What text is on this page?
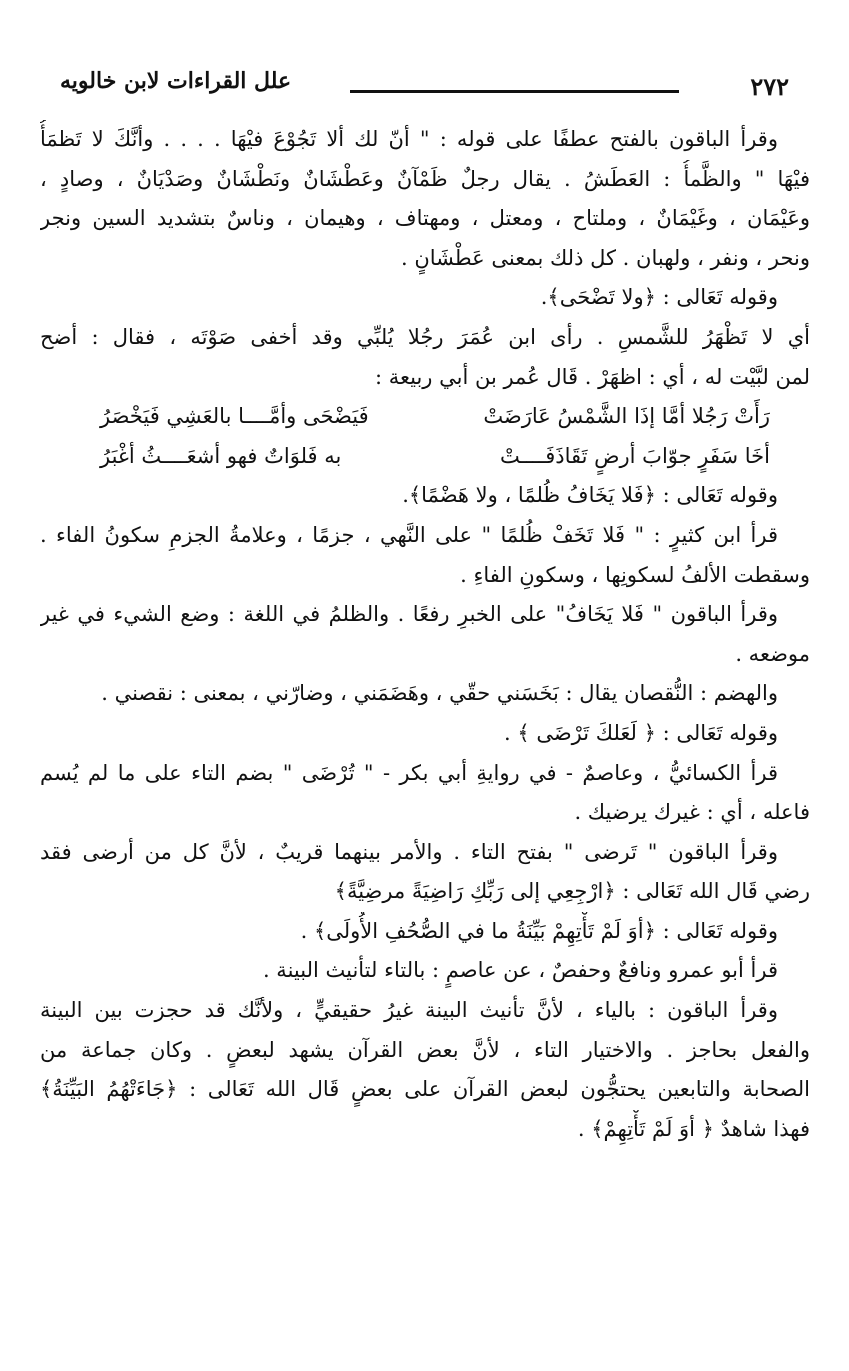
٢٧٢
علل القراءات لابن خالويه
وقرأ الباقون بالفتح عطفًا على قوله : " أنّ لك ألا تَجُوْعَ فيْهَا . . . . وأنَّكَ لا تَظمَأُ
فيْهَا " والظَّمأُ : العَطَشُ . يقال رجلٌ ظَمْآنٌ وعَطْشَانٌ ونَطْشَانٌ وصَدْيَانٌ ، وصادٍ ،
وعَيْمَان ، وغَيْمَانٌ ، وملتاح ، ومعتل ، ومهتاف ، وهيمان ، وناسٌ بتشديد السين ونجر
ونحر ، ونفر ، ولهبان . كل ذلك بمعنى عَطْشَانٍ .
وقوله تَعَالى : ﴿ولا تَضْحَى﴾.
أي لا تَظْهَرُ للشَّمسِ . رأى ابن عُمَرَ رجُلا يُلبِّي وقد أخفى صَوْتَه ، فقال : أضح
لمن لبَّيْت له ، أي : اظهَرْ . قَال عُمر بن أبي ربيعة :
رَأَتْ رَجُلا أمَّا إذَا الشَّمْسُ عَارَضَتْ
فَيَضْحَى وأمَّــــا بالعَشِي فَيَخْصَرُ
أخَا سَفَرٍ جوّابَ أرضٍ تَقَاذَفَــــتْ
به فَلوَاتٌ فهو أشعَــــثُ أغْبَرُ
وقوله تَعَالى : ﴿فَلا يَخَافُ ظُلمًا ، ولا هَضْمًا﴾.
قرأ ابن كثيرٍ : " فَلا تَخَفْ ظُلمًا " على النَّهي ، جزمًا ، وعلامةُ الجزمِ سكونُ الفاء .
وسقطت الألفُ لسكونِها ، وسكونِ الفاءِ .
وقرأ الباقون " فَلا يَخَافُ" على الخبرِ رفعًا . والظلمُ في اللغة : وضع الشيء في غير
موضعه .
والهضم : النُّقصان يقال : بَخَسَني حقّي ، وهَضَمَني ، وضارّني ، بمعنى : نقصني .
وقوله تَعَالى : ﴿ لَعَلكَ تَرْضَى ﴾ .
قرأ الكسائيُّ ، وعاصمٌ - في روايةِ أبي بكر - " تُرْضَى " بضم التاء على ما لم يُسم
فاعله ، أي : غيرك يرضيك .
وقرأ الباقون " تَرضى " بفتح التاء . والأمر بينهما قريبٌ ، لأنَّ كل من أرضى فقد
رضي قَال الله تَعَالى : ﴿ارْجِعِي إلى رَبِّكِ رَاضِيَةً مرضِيَّةً﴾
وقوله تَعَالى : ﴿أوَ لَمْ تَأْتِهِمْ بَيِّنَةُ ما في الصُّحُفِ الأُولَى﴾ .
قرأ أبو عمرو ونافعٌ وحفصٌ ، عن عاصمٍ : بالتاء لتأنيث البينة .
وقرأ الباقون : بالياء ، لأنَّ تأنيث البينة غيرُ حقيقيٍّ ، ولأنَّك قد حجزت بين البينة
والفعل بحاجز . والاختيار التاء ، لأنَّ بعض القرآن يشهد لبعضٍ . وكان جماعة من
الصحابة والتابعين يحتجُّون لبعض القرآن على بعضٍ قَال الله تَعَالى : ﴿جَاءَتْهُمُ البَيِّنَةُ﴾
فهذا شاهدٌ ﴿ أوَ لَمْ تَأْتِهِمْ﴾ .
